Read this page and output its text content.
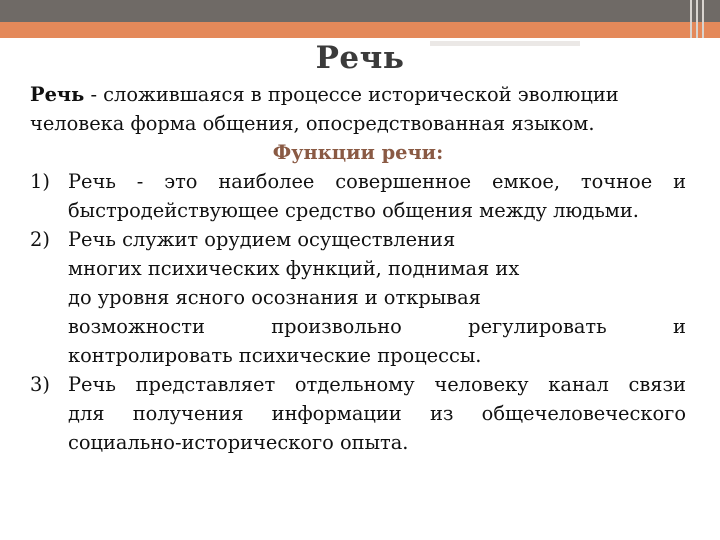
Речь

Речь - сложившаяся в процессе исторической эволюции
человека форма общения, опосредствованная языком.

Функции речи:

1) Речь - это наиболее совершенное емкое, точное и
быстродействующее средство общения между людьми.
2) Речь служит орудием осуществления
многих психических функций, поднимая их
до уровня ясного осознания и открывая
возможности произвольно регулировать и
контролировать психические процессы.
3) Речь представляет отдельному человеку канал связи
для получения информации из общечеловеческого
социально-исторического опыта.
